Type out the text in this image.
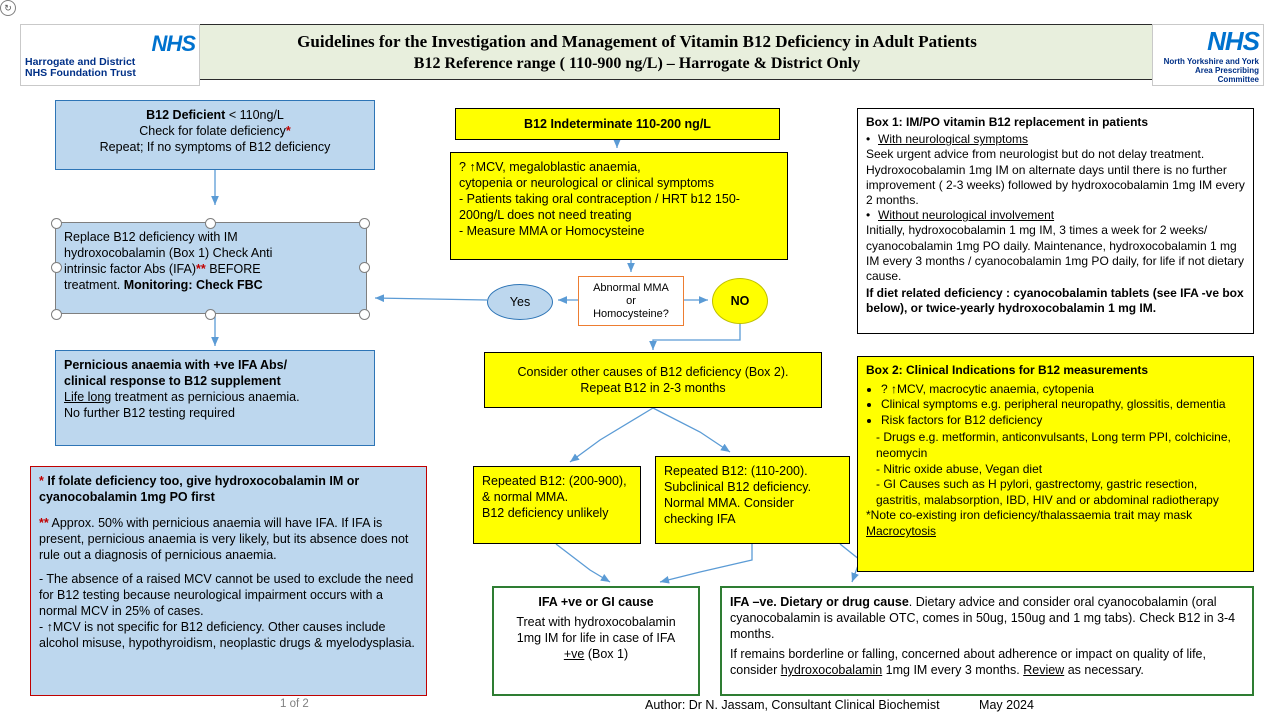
Guidelines for the Investigation and Management of Vitamin B12 Deficiency in Adult Patients
B12 Reference range ( 110-900 ng/L) – Harrogate & District Only
NHS
Harrogate and District
NHS Foundation Trust
NHS
North Yorkshire and York
Area Prescribing Committee
B12 Deficient < 110ng/L
Check for folate deficiency*
Repeat; If no symptoms of B12 deficiency
↻
Replace B12 deficiency with IM
hydroxocobalamin (Box 1) Check Anti
intrinsic factor Abs (IFA)** BEFORE
treatment. Monitoring: Check FBC
Pernicious anaemia with +ve IFA Abs/
clinical response to B12 supplement
Life long treatment as pernicious anaemia.
No further B12 testing required

* If folate deficiency too, give hydroxocobalamin IM or cyanocobalamin 1mg PO first

** Approx. 50% with pernicious anaemia will have IFA. If IFA is present, pernicious anaemia is very likely, but its absence does not rule out a diagnosis of pernicious anaemia.

- The absence of a raised MCV cannot be used to exclude the need for B12 testing because neurological impairment occurs with a normal MCV in 25% of cases.

- ↑MCV is not specific for B12 deficiency. Other causes include alcohol misuse, hypothyroidism, neoplastic drugs & myelodysplasia.

B12 Indeterminate 110-200 ng/L
? ↑MCV, megaloblastic anaemia,
cytopenia or neurological or clinical symptoms
- Patients taking oral contraception / HRT b12 150-200ng/L does not need treating
- Measure MMA or Homocysteine
Abnormal MMA
or
Homocysteine?
Yes	NO
Consider other causes of B12 deficiency (Box 2).
Repeat B12 in 2-3 months
Repeated B12: (200-900), & normal MMA.
B12 deficiency unlikely
Repeated B12: (110-200). Subclinical B12 deficiency.
Normal MMA. Consider checking IFA
IFA +ve or GI cause
Treat with hydroxocobalamin
1mg IM for life in case of IFA
+ve (Box 1)
IFA –ve. Dietary or drug cause. Dietary advice and consider oral cyanocobalamin (oral cyanocobalamin is available OTC, comes in 50ug, 150ug and 1 mg tabs). Check B12 in 3-4 months.
If remains borderline or falling, concerned about adherence or impact on quality of life, consider hydroxocobalamin 1mg IM every 3 months. Review as necessary.
Box 1: IM/PO vitamin B12 replacement in patients
• With neurological symptoms
Seek urgent advice from neurologist but do not delay treatment. Hydroxocobalamin 1mg IM on alternate days until there is no further improvement ( 2-3 weeks) followed by hydroxocobalamin 1mg IM every 2 months.
• Without neurological involvement
Initially, hydroxocobalamin 1 mg IM, 3 times a week for 2 weeks/ cyanocobalamin 1mg PO daily. Maintenance, hydroxocobalamin 1 mg IM every 3 months / cyanocobalamin 1mg PO daily, for life if not dietary cause.
If diet related deficiency : cyanocobalamin tablets (see IFA -ve box below), or twice-yearly hydroxocobalamin 1 mg IM.
Box 2: Clinical Indications for B12 measurements
• ? ↑MCV, macrocytic anaemia, cytopenia
• Clinical symptoms e.g. peripheral neuropathy, glossitis, dementia
• Risk factors for B12 deficiency
- Drugs e.g. metformin, anticonvulsants, Long term PPI, colchicine, neomycin
- Nitric oxide abuse, Vegan diet
- GI Causes such as H pylori, gastrectomy, gastric resection, gastritis, malabsorption, IBD, HIV and or abdominal radiotherapy
*Note co-existing iron deficiency/thalassaemia trait may mask Macrocytosis
1 of 2	Author: Dr N. Jassam, Consultant Clinical Biochemist	May 2024
